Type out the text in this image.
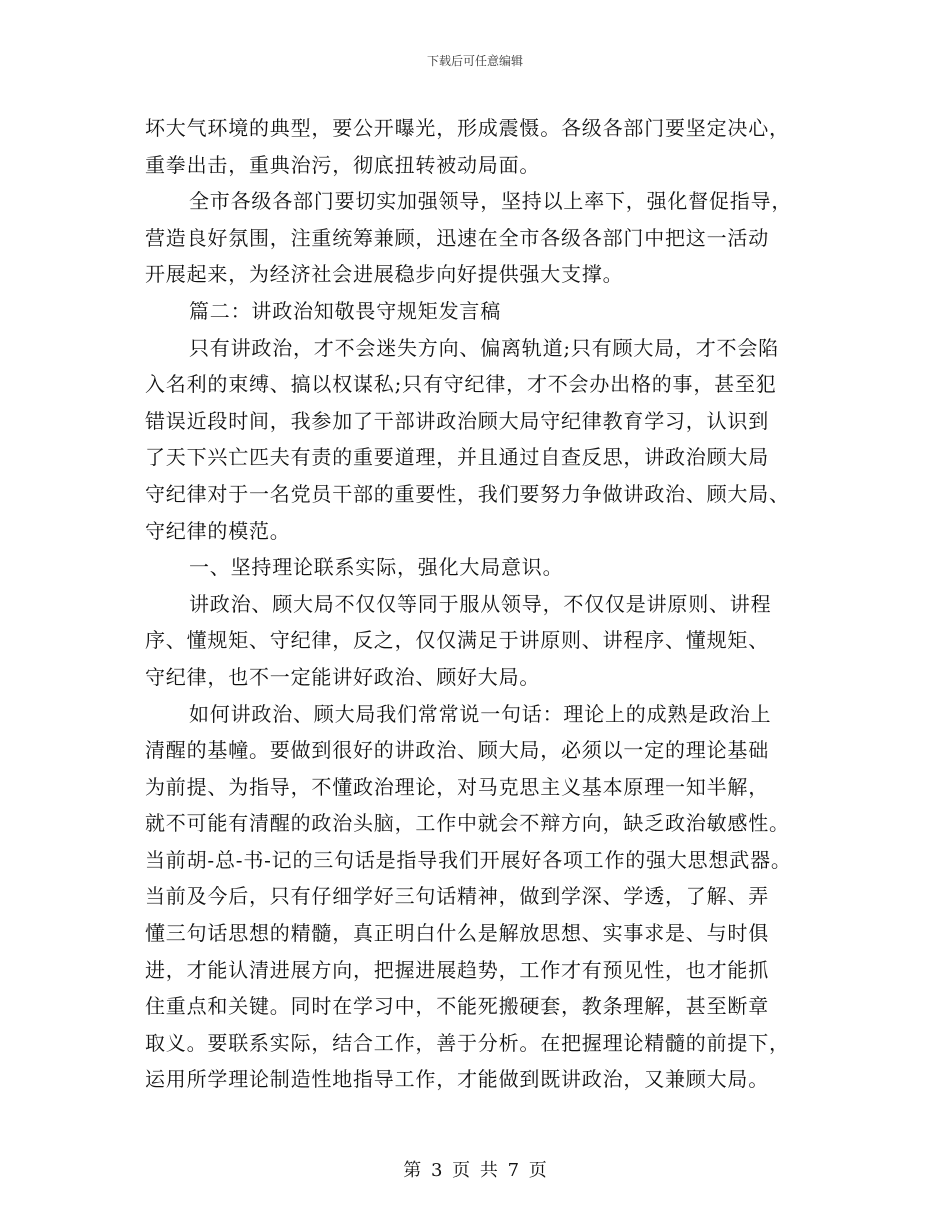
下载后可任意编辑
坏大气环境的典型，要公开曝光，形成震慑。各级各部门要坚定决心，
重拳出击，重典治污，彻底扭转被动局面。
全市各级各部门要切实加强领导，坚持以上率下，强化督促指导，
营造良好氛围，注重统筹兼顾，迅速在全市各级各部门中把这一活动
开展起来，为经济社会进展稳步向好提供强大支撑。
篇二：讲政治知敬畏守规矩发言稿
只有讲政治，才不会迷失方向、偏离轨道;只有顾大局，才不会陷
入名利的束缚、搞以权谋私;只有守纪律，才不会办出格的事，甚至犯
错误近段时间，我参加了干部讲政治顾大局守纪律教育学习，认识到
了天下兴亡匹夫有责的重要道理，并且通过自查反思，讲政治顾大局
守纪律对于一名党员干部的重要性，我们要努力争做讲政治、顾大局、
守纪律的模范。
一、坚持理论联系实际，强化大局意识。
讲政治、顾大局不仅仅等同于服从领导，不仅仅是讲原则、讲程
序、懂规矩、守纪律，反之，仅仅满足于讲原则、讲程序、懂规矩、
守纪律，也不一定能讲好政治、顾好大局。
如何讲政治、顾大局我们常常说一句话：理论上的成熟是政治上
清醒的基幢。要做到很好的讲政治、顾大局，必须以一定的理论基础
为前提、为指导，不懂政治理论，对马克思主义基本原理一知半解，
就不可能有清醒的政治头脑，工作中就会不辩方向，缺乏政治敏感性。
当前胡-总-书-记的三句话是指导我们开展好各项工作的强大思想武器。
当前及今后，只有仔细学好三句话精神，做到学深、学透，了解、弄
懂三句话思想的精髓，真正明白什么是解放思想、实事求是、与时俱
进，才能认清进展方向，把握进展趋势，工作才有预见性，也才能抓
住重点和关键。同时在学习中，不能死搬硬套，教条理解，甚至断章
取义。要联系实际，结合工作，善于分析。在把握理论精髓的前提下，
运用所学理论制造性地指导工作，才能做到既讲政治，又兼顾大局。
第 3 页 共 7 页
